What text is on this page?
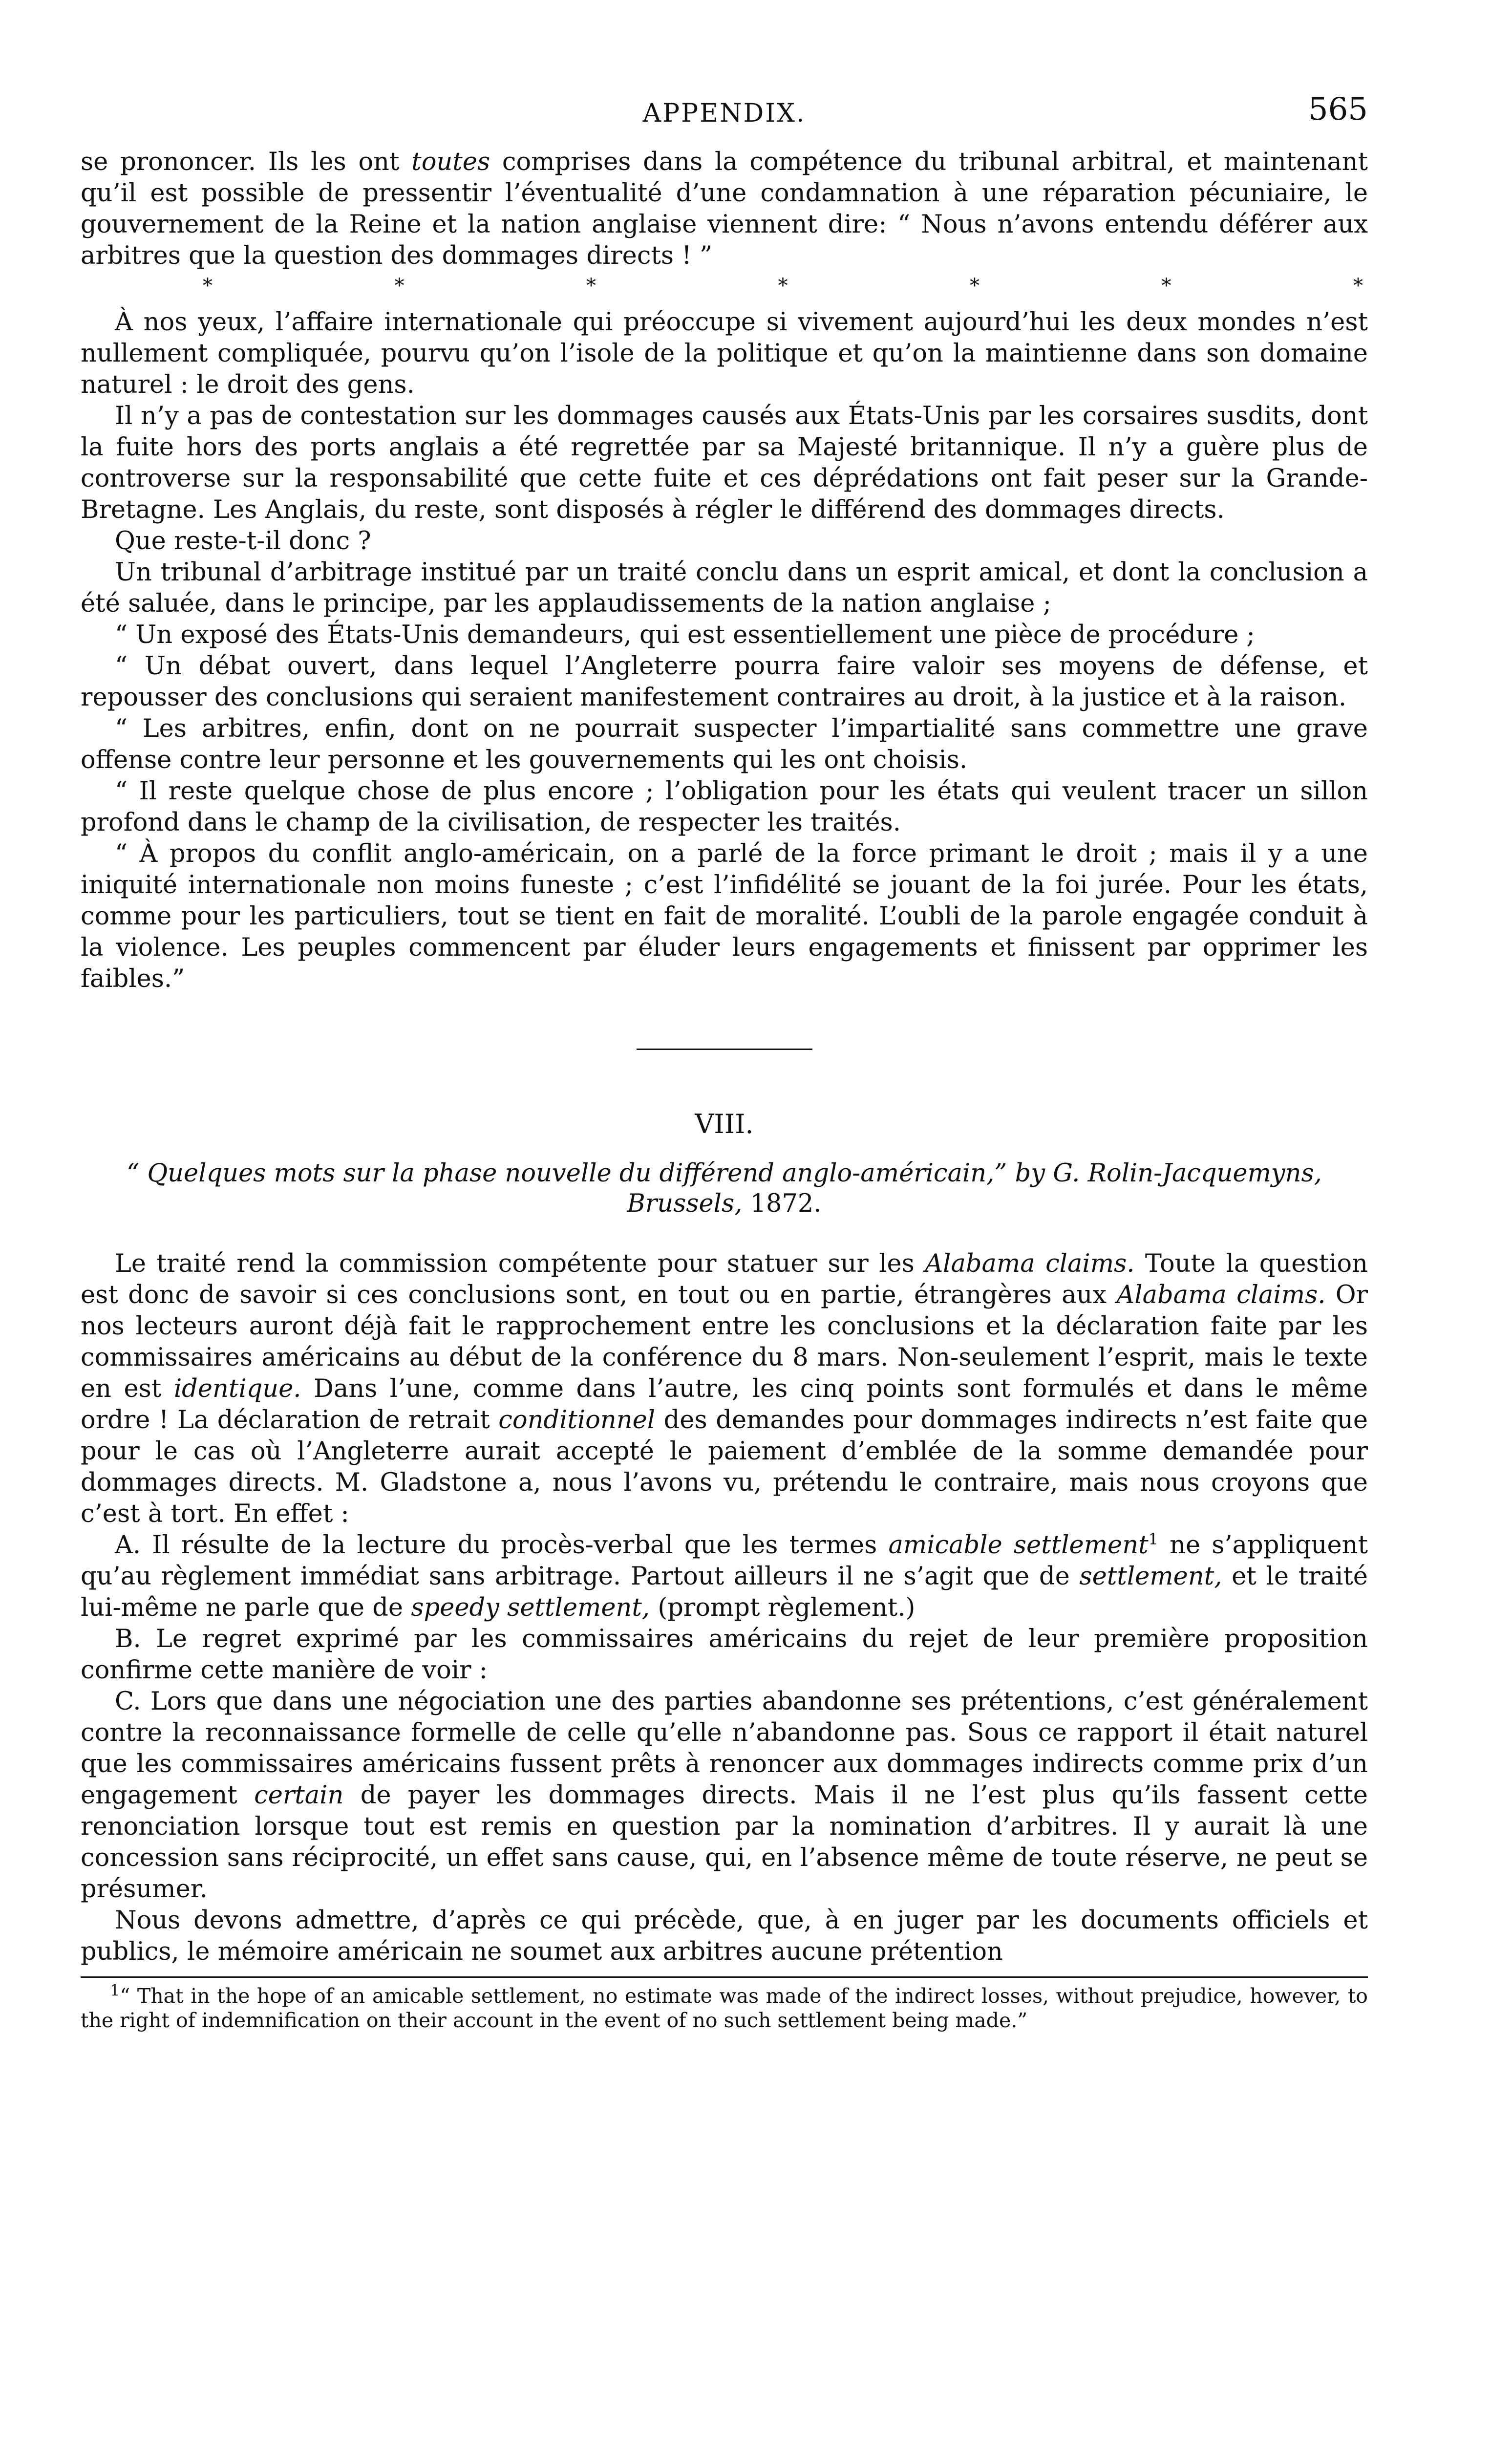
APPENDIX.	565

se prononcer. Ils les ont toutes comprises dans la compétence du tribunal arbitral, et maintenant qu’il est possible de pressentir l’éventualité d’une condamnation à une réparation pécuniaire, le gouvernement de la Reine et la nation anglaise viennent dire: “ Nous n’avons entendu déférer aux arbitres que la question des dommages directs ! ”

*	*	*	*	*	*	*

À nos yeux, l’affaire internationale qui préoccupe si vivement aujourd’hui les deux mondes n’est nullement compliquée, pourvu qu’on l’isole de la politique et qu’on la maintienne dans son domaine naturel : le droit des gens.

Il n’y a pas de contestation sur les dommages causés aux États-Unis par les corsaires susdits, dont la fuite hors des ports anglais a été regrettée par sa Majesté britannique. Il n’y a guère plus de controverse sur la responsabilité que cette fuite et ces déprédations ont fait peser sur la Grande-Bretagne. Les Anglais, du reste, sont disposés à régler le différend des dommages directs.

Que reste-t-il donc ?

Un tribunal d’arbitrage institué par un traité conclu dans un esprit amical, et dont la conclusion a été saluée, dans le principe, par les applaudissements de la nation anglaise ;

“ Un exposé des États-Unis demandeurs, qui est essentiellement une pièce de procédure ;

“ Un débat ouvert, dans lequel l’Angleterre pourra faire valoir ses moyens de défense, et repousser des conclusions qui seraient manifestement contraires au droit, à la justice et à la raison.

“ Les arbitres, enfin, dont on ne pourrait suspecter l’impartialité sans commettre une grave offense contre leur personne et les gouvernements qui les ont choisis.

“ Il reste quelque chose de plus encore ; l’obligation pour les états qui veulent tracer un sillon profond dans le champ de la civilisation, de respecter les traités.

“ À propos du conflit anglo-américain, on a parlé de la force primant le droit ; mais il y a une iniquité internationale non moins funeste ; c’est l’infidélité se jouant de la foi jurée. Pour les états, comme pour les particuliers, tout se tient en fait de moralité. L’oubli de la parole engagée conduit à la violence. Les peuples commencent par éluder leurs engagements et finissent par opprimer les faibles.”

VIII.
“ Quelques mots sur la phase nouvelle du différend anglo-américain,” by G. Rolin-Jacquemyns, Brussels, 1872.

Le traité rend la commission compétente pour statuer sur les Alabama claims. Toute la question est donc de savoir si ces conclusions sont, en tout ou en partie, étrangères aux Alabama claims. Or nos lecteurs auront déjà fait le rapprochement entre les conclusions et la déclaration faite par les commissaires américains au début de la conférence du 8 mars. Non-seulement l’esprit, mais le texte en est identique. Dans l’une, comme dans l’autre, les cinq points sont formulés et dans le même ordre ! La déclaration de retrait conditionnel des demandes pour dommages indirects n’est faite que pour le cas où l’Angleterre aurait accepté le paiement d’emblée de la somme demandée pour dommages directs. M. Gladstone a, nous l’avons vu, prétendu le contraire, mais nous croyons que c’est à tort. En effet :

A. Il résulte de la lecture du procès-verbal que les termes amicable settlement$^1$ ne s’appliquent qu’au règlement immédiat sans arbitrage. Partout ailleurs il ne s’agit que de settlement, et le traité lui-même ne parle que de speedy settlement, (prompt règlement.)

B. Le regret exprimé par les commissaires américains du rejet de leur première proposition confirme cette manière de voir :

C. Lors que dans une négociation une des parties abandonne ses prétentions, c’est généralement contre la reconnaissance formelle de celle qu’elle n’abandonne pas. Sous ce rapport il était naturel que les commissaires américains fussent prêts à renoncer aux dommages indirects comme prix d’un engagement certain de payer les dommages directs. Mais il ne l’est plus qu’ils fassent cette renonciation lorsque tout est remis en question par la nomination d’arbitres. Il y aurait là une concession sans réciprocité, un effet sans cause, qui, en l’absence même de toute réserve, ne peut se présumer.

Nous devons admettre, d’après ce qui précède, que, à en juger par les documents officiels et publics, le mémoire américain ne soumet aux arbitres aucune prétention

$^1$“ That in the hope of an amicable settlement, no estimate was made of the indirect losses, without prejudice, however, to the right of indemnification on their account in the event of no such settlement being made.”
